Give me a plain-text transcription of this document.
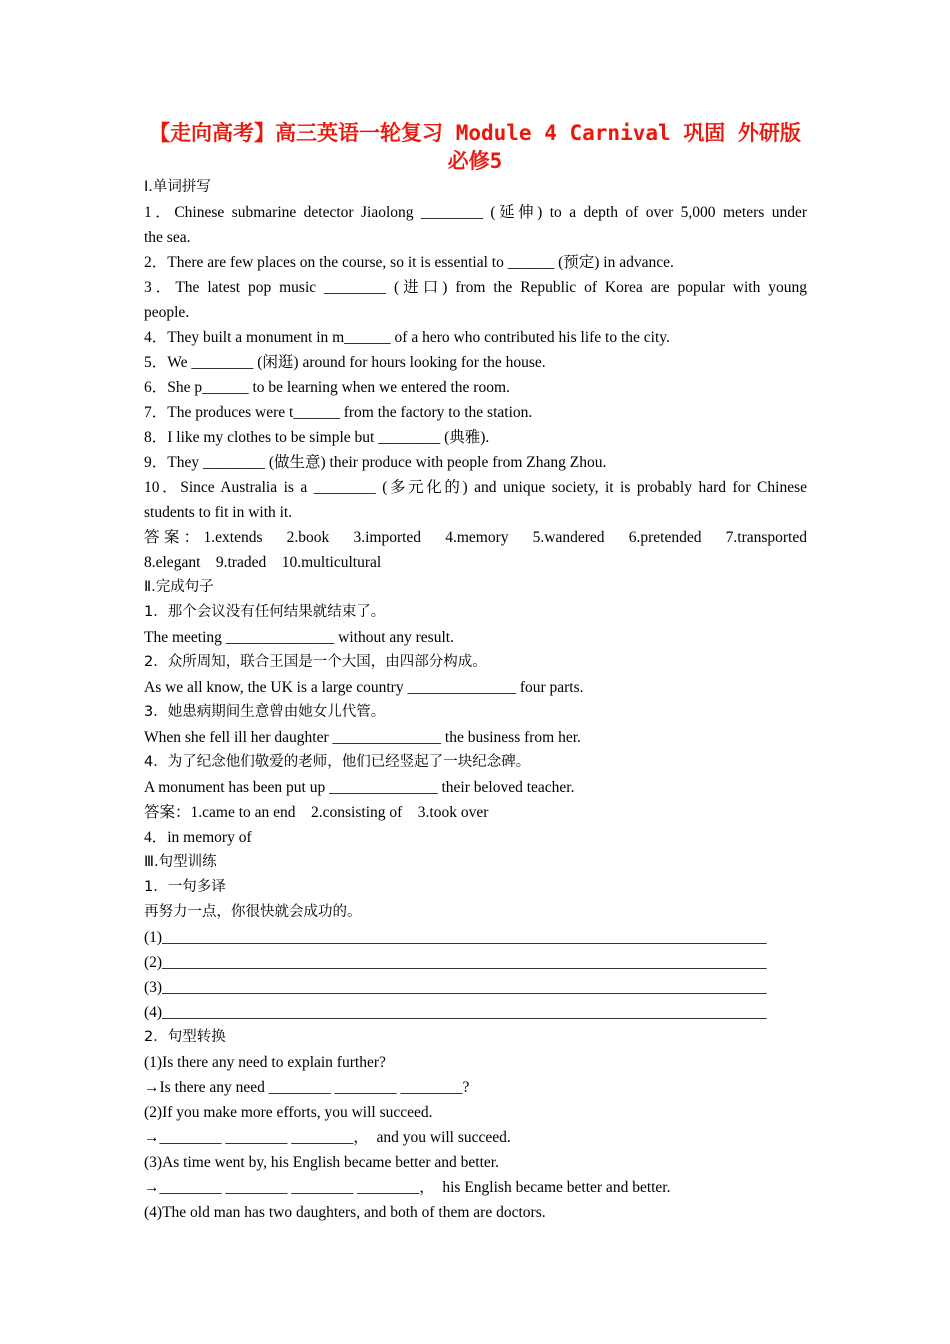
【走向高考】高三英语一轮复习 Module 4 Carnival 巩固 外研版
必修5

Ⅰ.单词拼写

1．Chinese submarine detector Jiaolong ________ (延伸) to a depth of over 5,000 meters under

the sea.

2．There are few places on the course, so it is essential to ______ (预定) in advance.

3．The latest pop music ________ (进口) from the Republic of Korea are popular with young

people.

4．They built a monument in m______ of a hero who contributed his life to the city.

5．We ________ (闲逛) around for hours looking for the house.

6．She p______ to be learning when we entered the room.

7．The produces were t______ from the factory to the station.

8．I like my clothes to be simple but ________ (典雅).

9．They ________ (做生意) their produce with people from Zhang Zhou.

10．Since Australia is a ________ (多元化的) and unique society, it is probably hard for Chinese

students to fit in with it.

答案：1.extends　2.book　3.imported　4.memory　5.wandered　6.pretended　7.transported

8.elegant　9.traded　10.multicultural

Ⅱ.完成句子

1．那个会议没有任何结果就结束了。

The meeting ______________ without any result.

2．众所周知，联合王国是一个大国，由四部分构成。

As we all know, the UK is a large country ______________ four parts.

3．她患病期间生意曾由她女儿代管。

When she fell ill her daughter ______________ the business from her.

4．为了纪念他们敬爱的老师，他们已经竖起了一块纪念碑。

A monument has been put up ______________ their beloved teacher.

答案：1.came to an end　2.consisting of　3.took over

4．in memory of

Ⅲ.句型训练

1．一句多译

再努力一点，你很快就会成功的。

(1)______________________________________________________________________________

(2)______________________________________________________________________________

(3)______________________________________________________________________________

(4)______________________________________________________________________________

2．句型转换

(1)Is there any need to explain further?

→Is there any need ________ ________ ________?

(2)If you make more efforts, you will succeed.

→________ ________ ________，  and you will succeed.

(3)As time went by, his English became better and better.

→________ ________ ________ ________，  his English became better and better.

(4)The old man has two daughters, and both of them are doctors.
